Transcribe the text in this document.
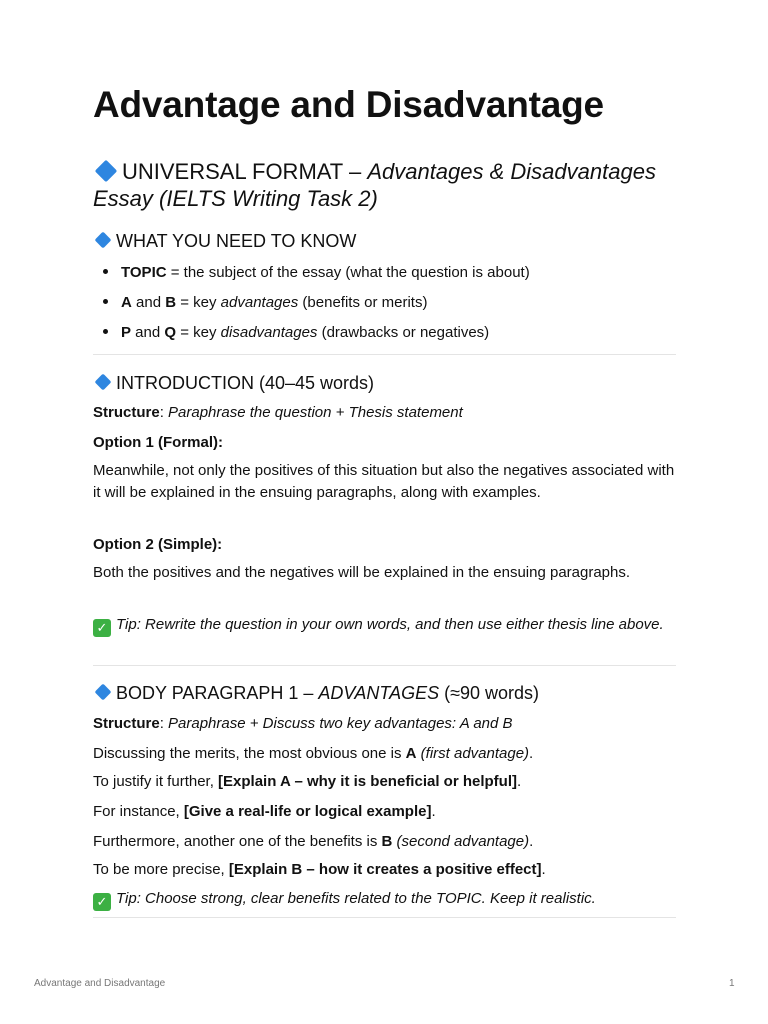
Advantage and Disadvantage
UNIVERSAL FORMAT – Advantages & Disadvantages Essay (IELTS Writing Task 2)
WHAT YOU NEED TO KNOW
TOPIC = the subject of the essay (what the question is about)
A and B = key advantages (benefits or merits)
P and Q = key disadvantages (drawbacks or negatives)
INTRODUCTION (40–45 words)
Structure: Paraphrase the question + Thesis statement
Option 1 (Formal):
Meanwhile, not only the positives of this situation but also the negatives associated with it will be explained in the ensuing paragraphs, along with examples.
Option 2 (Simple):
Both the positives and the negatives will be explained in the ensuing paragraphs.
✓ Tip: Rewrite the question in your own words, and then use either thesis line above.
BODY PARAGRAPH 1 – ADVANTAGES (≈90 words)
Structure: Paraphrase + Discuss two key advantages: A and B
Discussing the merits, the most obvious one is A (first advantage).
To justify it further, [Explain A – why it is beneficial or helpful].
For instance, [Give a real-life or logical example].
Furthermore, another one of the benefits is B (second advantage).
To be more precise, [Explain B – how it creates a positive effect].
✓ Tip: Choose strong, clear benefits related to the TOPIC. Keep it realistic.
Advantage and Disadvantage	1
